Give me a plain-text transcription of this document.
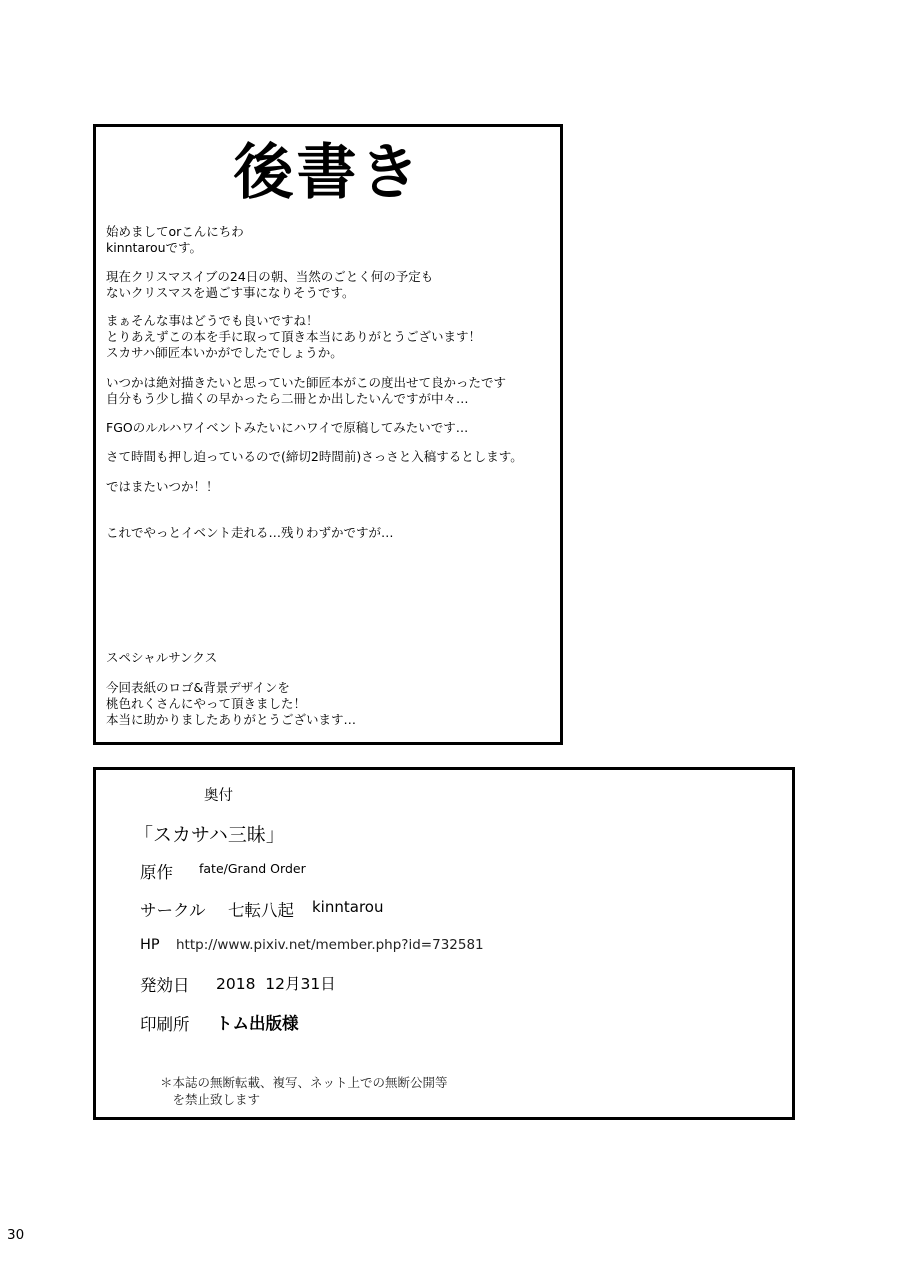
後書き
始めましてorこんにちわ
kinntarouです。
現在クリスマスイブの24日の朝、当然のごとく何の予定も
ないクリスマスを過ごす事になりそうです。
まぁそんな事はどうでも良いですね！
とりあえずこの本を手に取って頂き本当にありがとうございます！
スカサハ師匠本いかがでしたでしょうか。
いつかは絶対描きたいと思っていた師匠本がこの度出せて良かったです
自分もう少し描くの早かったら二冊とか出したいんですが中々…
FGOのルルハワイベントみたいにハワイで原稿してみたいです…
さて時間も押し迫っているので(締切2時間前)さっさと入稿するとします。
ではまたいつか！！
これでやっとイベント走れる…残りわずかですが…
スペシャルサンクス
今回表紙のロゴ&背景デザインを
桃色れくさんにやって頂きました！
本当に助かりましたありがとうございます…
奥付
「スカサハ三昧」
原作 fate/Grand Order
サークル 七転八起 kinntarou
HP http://www.pixiv.net/member.php?id=732581
発効日 2018  12月31日
印刷所 トム出版様
＊本誌の無断転載、複写、ネット上での無断公開等
　を禁止致します
30
